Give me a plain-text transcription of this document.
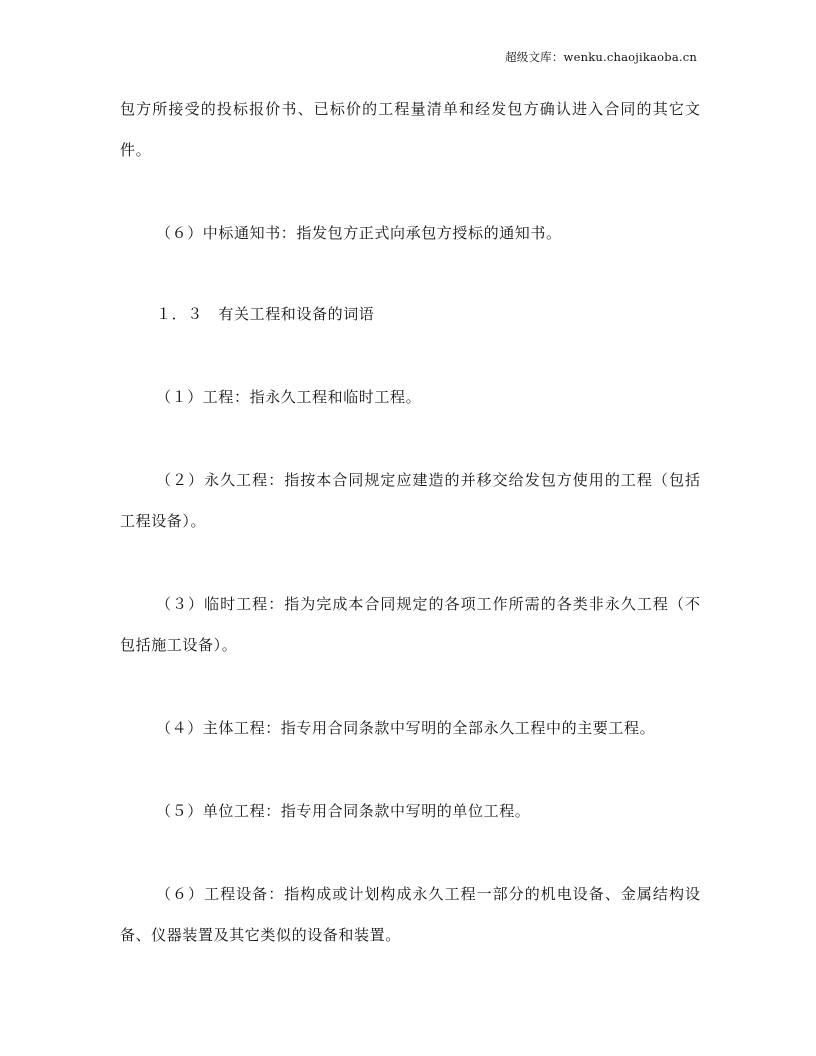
超级文库：wenku.chaojikaoba.cn
包方所接受的投标报价书、已标价的工程量清单和经发包方确认进入合同的其它文
件。
（６）中标通知书：指发包方正式向承包方授标的通知书。
１．３　有关工程和设备的词语
（１）工程：指永久工程和临时工程。
（２）永久工程：指按本合同规定应建造的并移交给发包方使用的工程（包括
工程设备）。
（３）临时工程：指为完成本合同规定的各项工作所需的各类非永久工程（不
包括施工设备）。
（４）主体工程：指专用合同条款中写明的全部永久工程中的主要工程。
（５）单位工程：指专用合同条款中写明的单位工程。
（６）工程设备：指构成或计划构成永久工程一部分的机电设备、金属结构设
备、仪器装置及其它类似的设备和装置。
